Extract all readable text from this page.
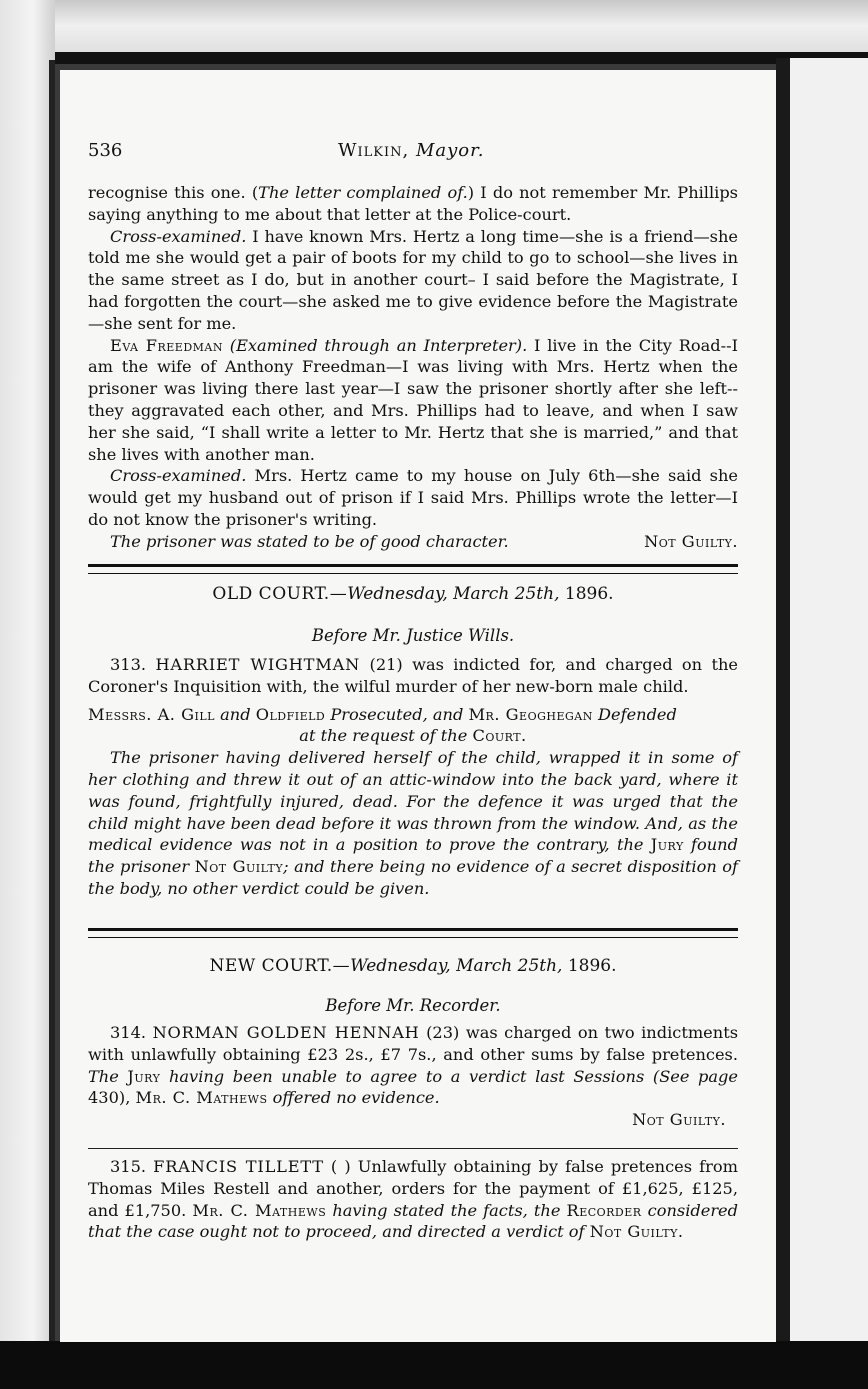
536	Wilkin, Mayor.

recognise this one. (The letter complained of.) I do not remember Mr. Phillips saying anything to me about that letter at the Police-court.

Cross-examined. I have known Mrs. Hertz a long time—she is a friend—she told me she would get a pair of boots for my child to go to school—she lives in the same street as I do, but in another court– I said before the Magistrate, I had forgotten the court—she asked me to give evidence before the Magistrate—she sent for me.

Eva Freedman (Examined through an Interpreter). I live in the City Road--I am the wife of Anthony Freedman—I was living with Mrs. Hertz when the prisoner was living there last year—I saw the prisoner shortly after she left--they aggravated each other, and Mrs. Phillips had to leave, and when I saw her she said, “I shall write a letter to Mr. Hertz that she is married,” and that she lives with another man.

Cross-examined. Mrs. Hertz came to my house on July 6th—she said she would get my husband out of prison if I said Mrs. Phillips wrote the letter—I do not know the prisoner's writing.

The prisoner was stated to be of good character.	Not Guilty.

OLD COURT.—Wednesday, March 25th, 1896.
Before Mr. Justice Wills.

313. HARRIET WIGHTMAN (21) was indicted for, and charged on the Coroner's Inquisition with, the wilful murder of her new-born male child.

Messrs. A. Gill and Oldfield Prosecuted, and Mr. Geoghegan Defended

at the request of the Court.

The prisoner having delivered herself of the child, wrapped it in some of her clothing and threw it out of an attic-window into the back yard, where it was found, frightfully injured, dead. For the defence it was urged that the child might have been dead before it was thrown from the window. And, as the medical evidence was not in a position to prove the contrary, the Jury found the prisoner Not Guilty; and there being no evidence of a secret disposition of the body, no other verdict could be given.

NEW COURT.—Wednesday, March 25th, 1896.
Before Mr. Recorder.

314. NORMAN GOLDEN HENNAH (23) was charged on two indictments with unlawfully obtaining £23 2s., £7 7s., and other sums by false pretences. The Jury having been unable to agree to a verdict last Sessions (See page 430), Mr. C. Mathews offered no evidence.

Not Guilty.

315. FRANCIS TILLETT ( ) Unlawfully obtaining by false pretences from Thomas Miles Restell and another, orders for the payment of £1,625, £125, and £1,750. Mr. C. Mathews having stated the facts, the Recorder considered that the case ought not to proceed, and directed a verdict of Not Guilty.
